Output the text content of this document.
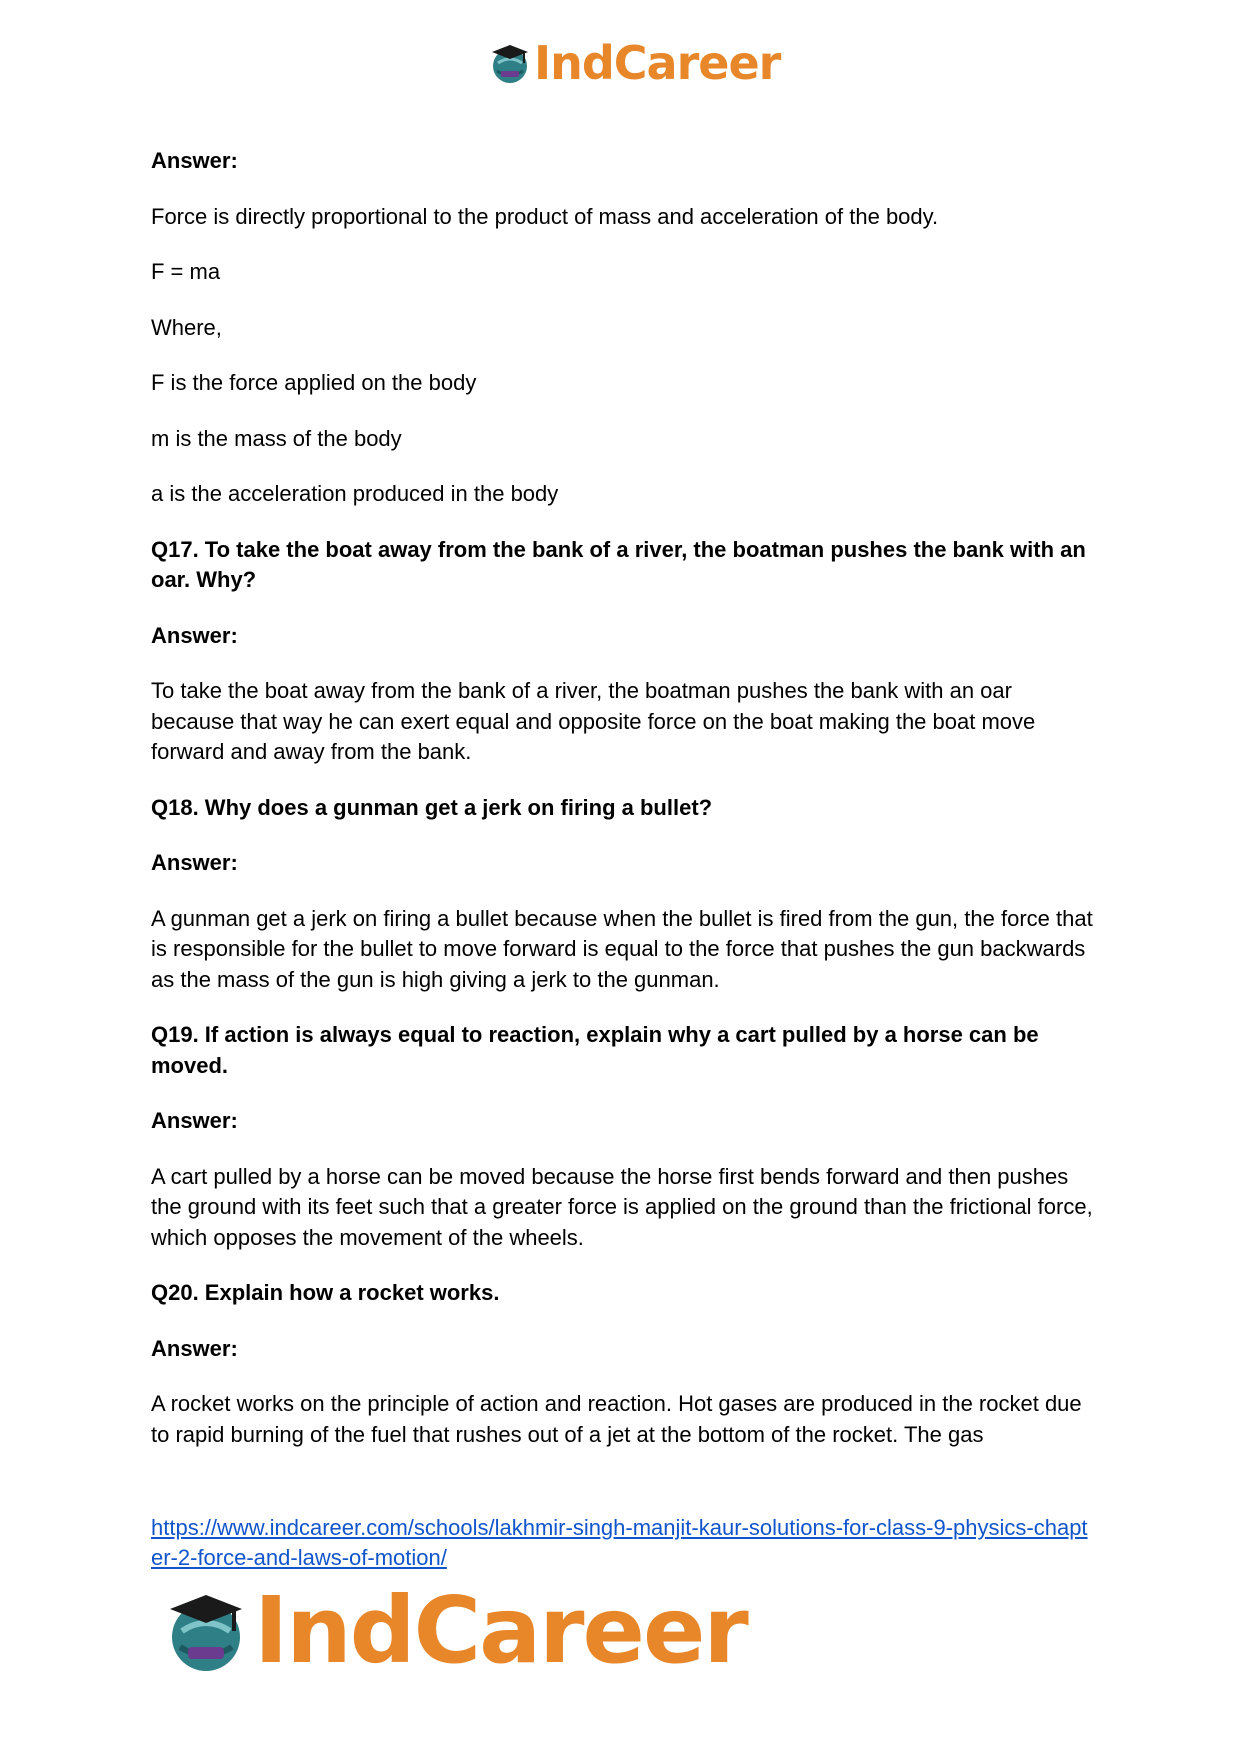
IndCareer

Answer:

Force is directly proportional to the product of mass and acceleration of the body.

F = ma

Where,

F is the force applied on the body

m is the mass of the body

a is the acceleration produced in the body

Q17. To take the boat away from the bank of a river, the boatman pushes the bank with an oar. Why?

Answer:

To take the boat away from the bank of a river, the boatman pushes the bank with an oar because that way he can exert equal and opposite force on the boat making the boat move forward and away from the bank.

Q18. Why does a gunman get a jerk on firing a bullet?

Answer:

A gunman get a jerk on firing a bullet because when the bullet is fired from the gun, the force that is responsible for the bullet to move forward is equal to the force that pushes the gun backwards as the mass of the gun is high giving a jerk to the gunman.

Q19. If action is always equal to reaction, explain why a cart pulled by a horse can be moved.

Answer:

A cart pulled by a horse can be moved because the horse first bends forward and then pushes the ground with its feet such that a greater force is applied on the ground than the frictional force, which opposes the movement of the wheels.

Q20. Explain how a rocket works.

Answer:

A rocket works on the principle of action and reaction. Hot gases are produced in the rocket due to rapid burning of the fuel that rushes out of a jet at the bottom of the rocket. The gas

https://www.indcareer.com/schools/lakhmir-singh-manjit-kaur-solutions-for-class-9-physics-chapter-2-force-and-laws-of-motion/
IndCareer
